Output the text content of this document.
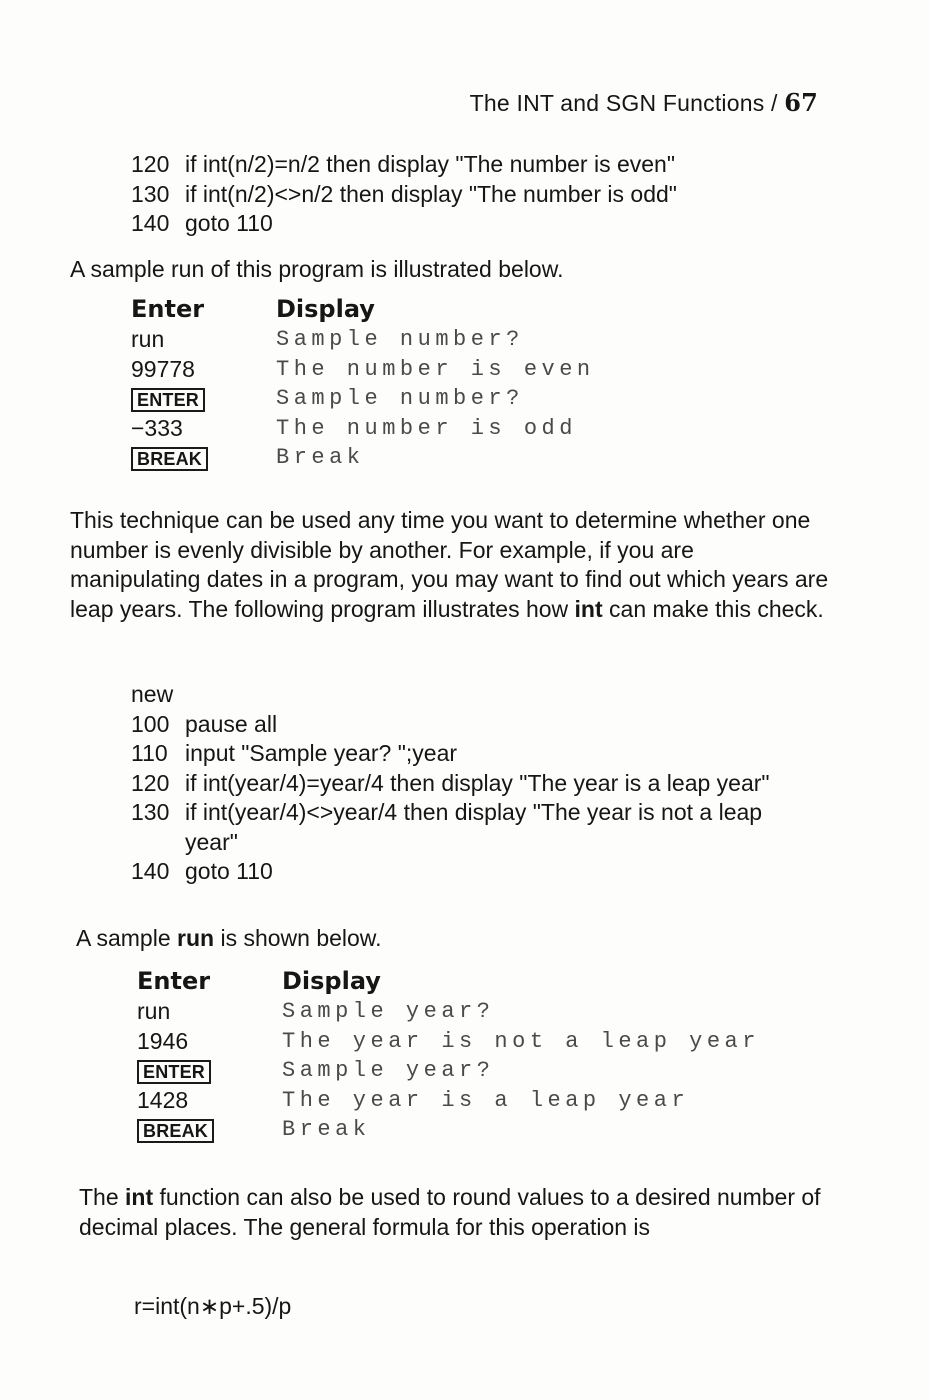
The INT and SGN Functions / 67
120 if int(n/2)=n/2 then display "The number is even"
130 if int(n/2)<>n/2 then display "The number is odd"
140 goto 110

A sample run of this program is illustrated below.

Enter	Display
run	Sample number?
99778	The number is even
ENTER	Sample number?
−333	The number is odd
BREAK	Break

This technique can be used any time you want to determine whether one number is evenly divisible by another. For example, if you are manipulating dates in a program, you may want to find out which years are leap years. The following program illustrates how int can make this check.

new
100 pause all
110 input "Sample year? ";year
120 if int(year/4)=year/4 then display "The year is a leap year"
130 if int(year/4)<>year/4 then display "The year is not a leap year"
140 goto 110

A sample run is shown below.

Enter	Display
run	Sample year?
1946	The year is not a leap year
ENTER	Sample year?
1428	The year is a leap year
BREAK	Break

The int function can also be used to round values to a desired number of decimal places. The general formula for this operation is

r=int(n∗p+.5)/p
